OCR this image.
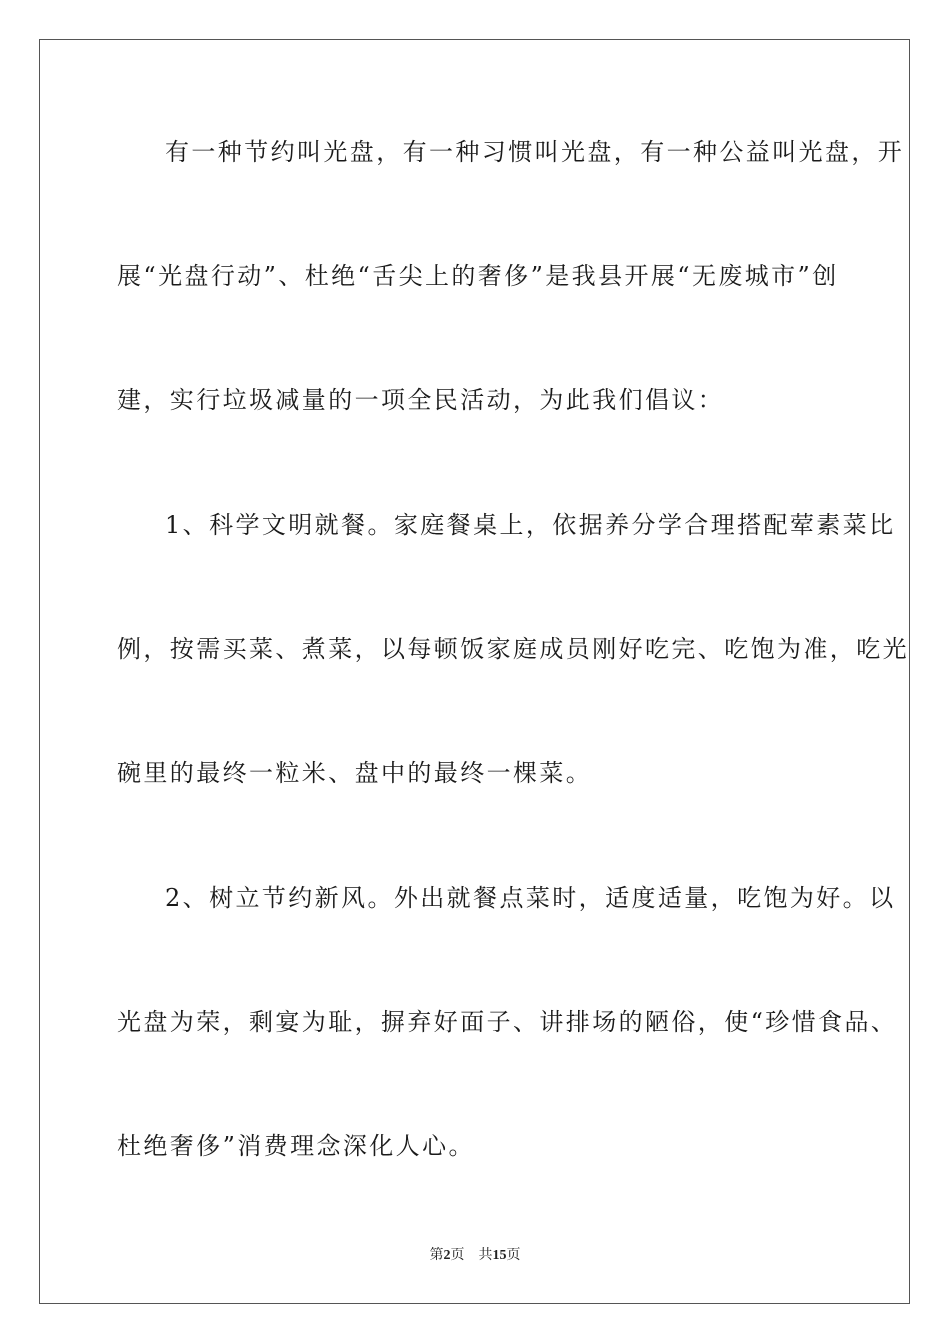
有一种节约叫光盘，有一种习惯叫光盘，有一种公益叫光盘，开
展“光盘行动”、杜绝“舌尖上的奢侈”是我县开展“无废城市”创
建，实行垃圾减量的一项全民活动，为此我们倡议：
1、科学文明就餐。家庭餐桌上，依据养分学合理搭配荤素菜比
例，按需买菜、煮菜，以每顿饭家庭成员刚好吃完、吃饱为准，吃光
碗里的最终一粒米、盘中的最终一棵菜。
2、树立节约新风。外出就餐点菜时，适度适量，吃饱为好。以
光盘为荣，剩宴为耻，摒弃好面子、讲排场的陋俗，使“珍惜食品、
杜绝奢侈”消费理念深化人心。
第2页 共15页
